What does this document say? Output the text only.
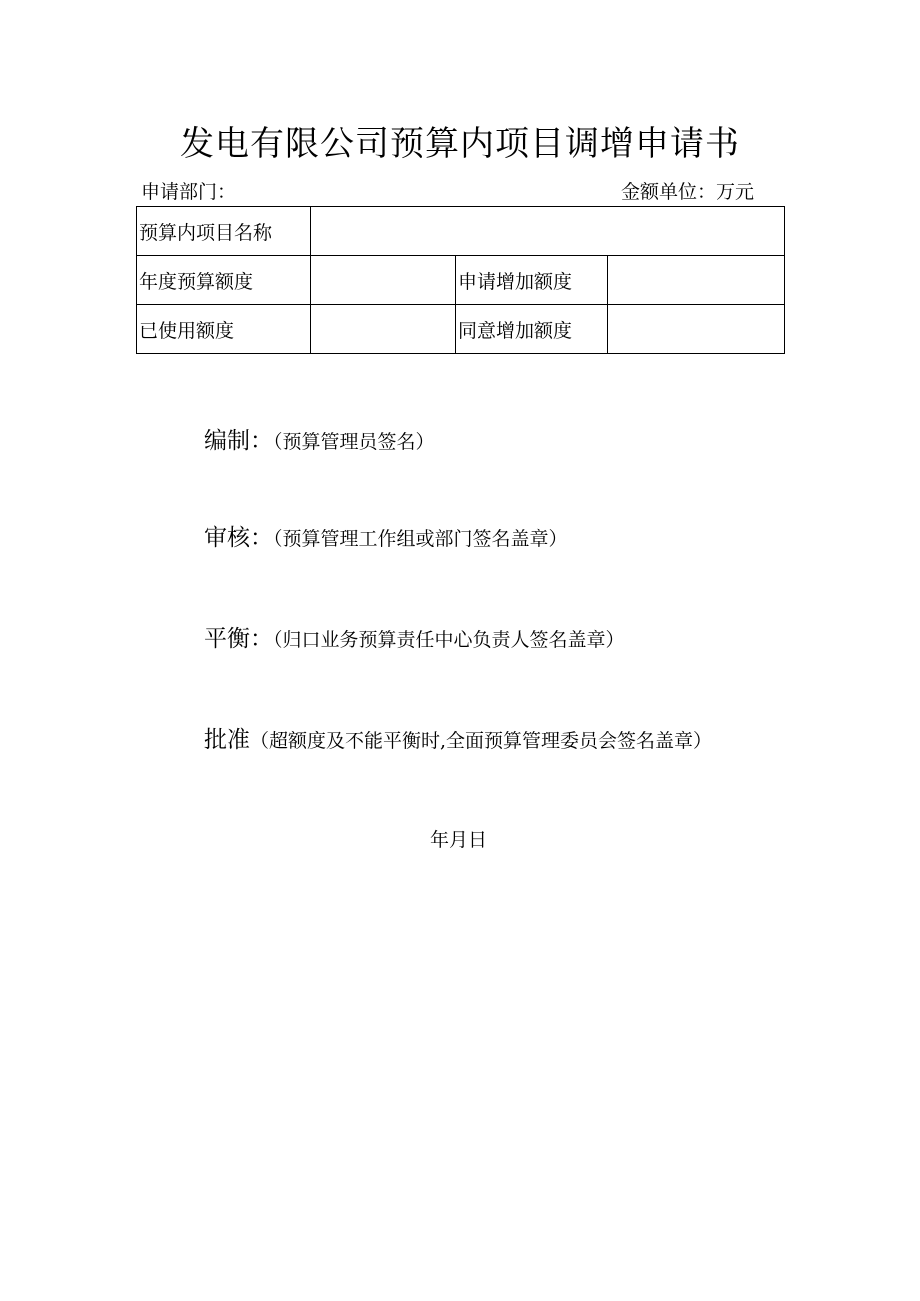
发电有限公司预算内项目调增申请书
申请部门：	金额单位：万元
预算内项目名称			
年度预算额度		申请增加额度	
已使用额度		同意增加额度	
编制：（预算管理员签名）
审核：（预算管理工作组或部门签名盖章）
平衡：（归口业务预算责任中心负责人签名盖章）
批准（超额度及不能平衡时,全面预算管理委员会签名盖章）
年月日
